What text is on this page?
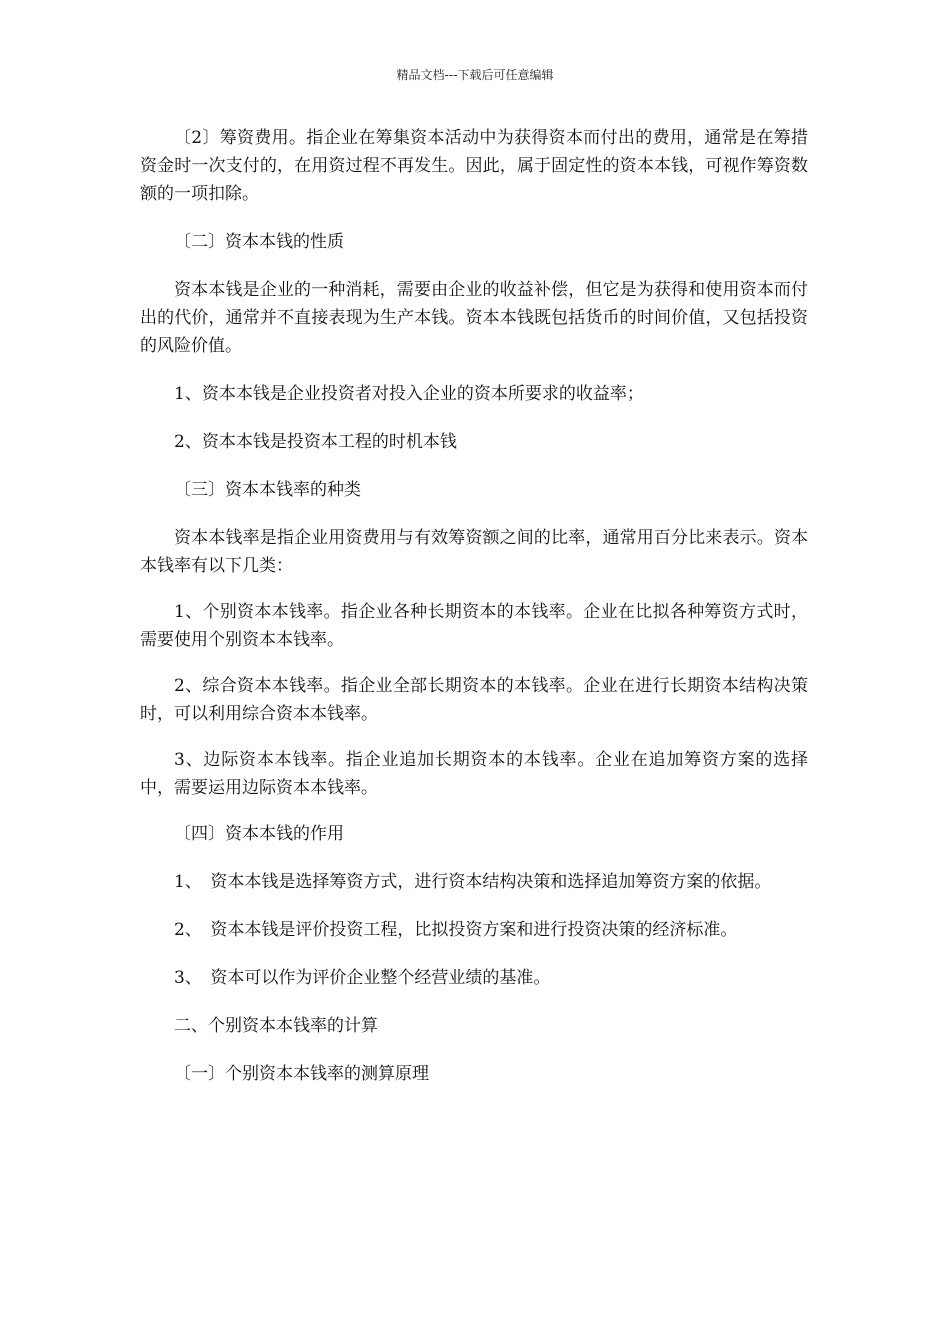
精品文档---下载后可任意编辑

〔2〕筹资费用。指企业在筹集资本活动中为获得资本而付出的费用，通常是在筹措资金时一次支付的，在用资过程不再发生。因此，属于固定性的资本本钱，可视作筹资数额的一项扣除。

〔二〕资本本钱的性质

资本本钱是企业的一种消耗，需要由企业的收益补偿，但它是为获得和使用资本而付出的代价，通常并不直接表现为生产本钱。资本本钱既包括货币的时间价值，又包括投资的风险价值。

1、资本本钱是企业投资者对投入企业的资本所要求的收益率；

2、资本本钱是投资本工程的时机本钱

〔三〕资本本钱率的种类

资本本钱率是指企业用资费用与有效筹资额之间的比率，通常用百分比来表示。资本本钱率有以下几类：

1、个别资本本钱率。指企业各种长期资本的本钱率。企业在比拟各种筹资方式时，需要使用个别资本本钱率。

2、综合资本本钱率。指企业全部长期资本的本钱率。企业在进行长期资本结构决策时，可以利用综合资本本钱率。

3、边际资本本钱率。指企业追加长期资本的本钱率。企业在追加筹资方案的选择中，需要运用边际资本本钱率。

〔四〕资本本钱的作用

1、　资本本钱是选择筹资方式，进行资本结构决策和选择追加筹资方案的依据。

2、　资本本钱是评价投资工程，比拟投资方案和进行投资决策的经济标准。

3、　资本可以作为评价企业整个经营业绩的基准。

二、个别资本本钱率的计算

〔一〕个别资本本钱率的测算原理
